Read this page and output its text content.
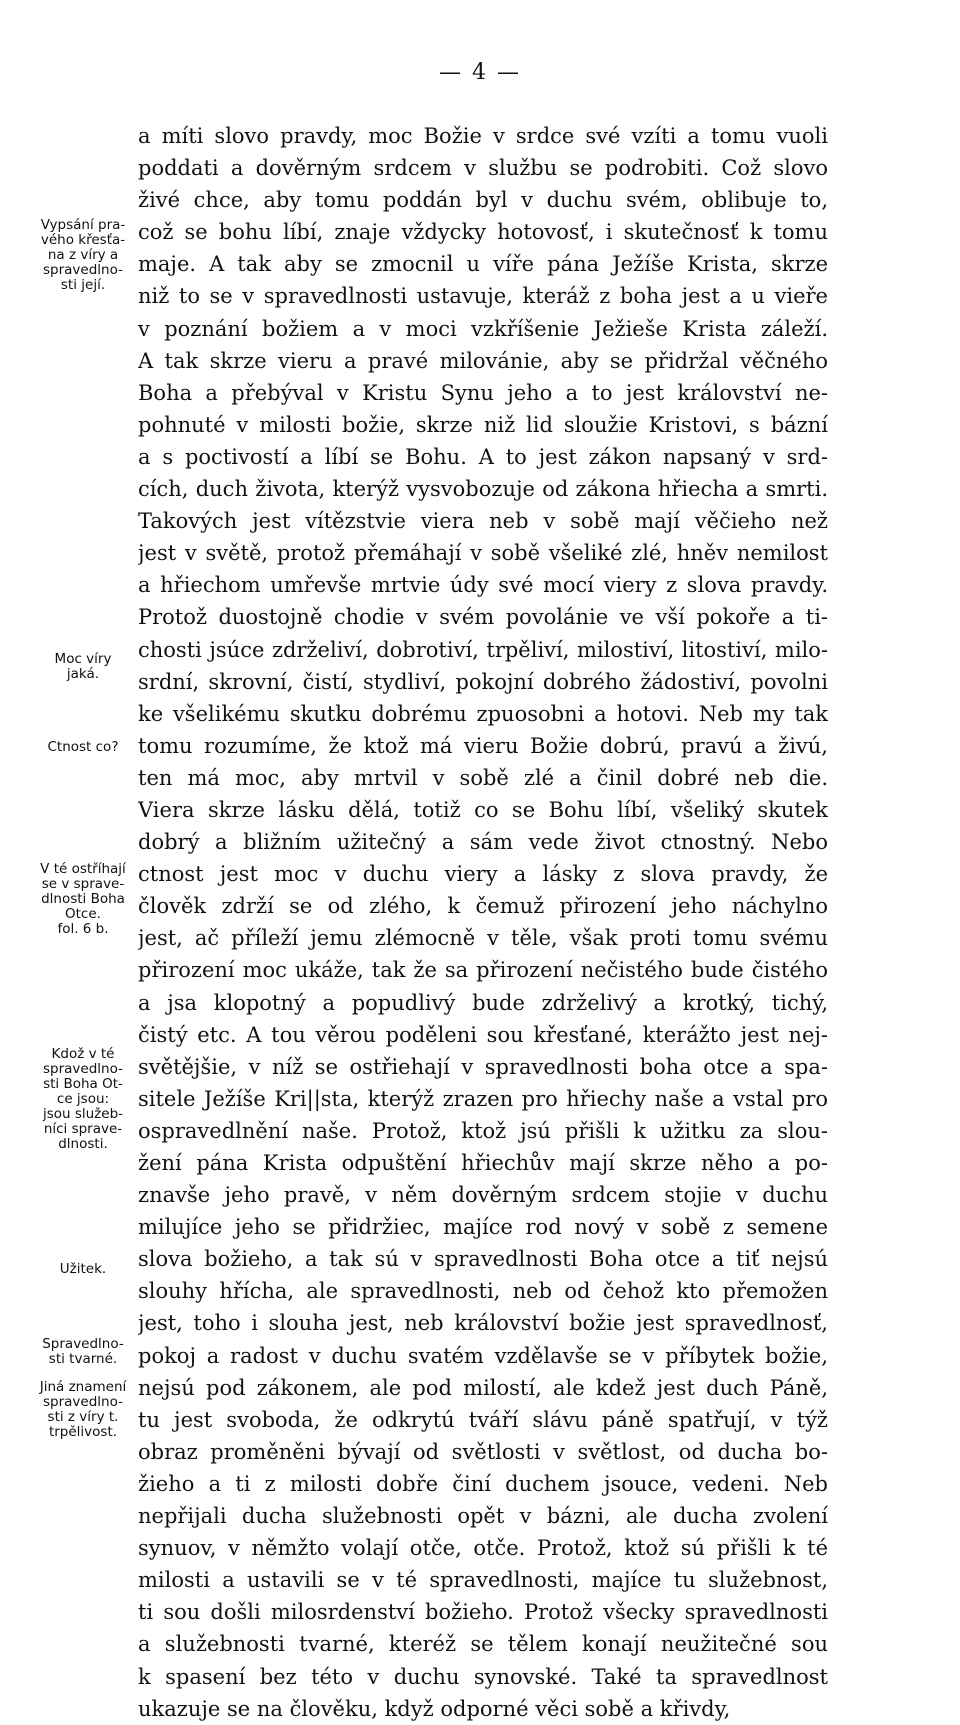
— 4 —
a míti slovo pravdy, moc Božie v srdce své vzíti a tomu vuoli
poddati a dověrným srdcem v službu se podrobiti. Což slovo
živé chce, aby tomu poddán byl v duchu svém, oblibuje to,
což se bohu líbí, znaje vždycky hotovosť, i skutečnosť k tomu
maje. A tak aby se zmocnil u víře pána Ježíše Krista, skrze
niž to se v spravedlnosti ustavuje, kteráž z boha jest a u vieře
v poznání božiem a v moci vzkříšenie Ježieše Krista záleží.
A tak skrze vieru a pravé milovánie, aby se přidržal věčného
Boha a přebýval v Kristu Synu jeho a to jest království ne-
pohnuté v milosti božie, skrze niž lid sloužie Kristovi, s bázní
a s poctivostí a líbí se Bohu. A to jest zákon napsaný v srd-
cích, duch života, kterýž vysvobozuje od zákona hřiecha a smrti.
Takových jest vítězstvie viera neb v sobě mají věčieho než
jest v světě, protož přemáhají v sobě všeliké zlé, hněv nemilost
a hřiechom umřevše mrtvie údy své mocí viery z slova pravdy.
Protož duostojně chodie v svém povolánie ve vší pokoře a ti-
chosti jsúce zdrželiví, dobrotiví, trpěliví, milostiví, litostiví, milo-
srdní, skrovní, čistí, stydliví, pokojní dobrého žádostiví, povolni
ke všelikému skutku dobrému zpuosobni a hotovi. Neb my tak
tomu rozumíme, že ktož má vieru Božie dobrú, pravú a živú,
ten má moc, aby mrtvil v sobě zlé a činil dobré neb die.
Viera skrze lásku dělá, totiž co se Bohu líbí, všeliký skutek
dobrý a bližním užitečný a sám vede život ctnostný. Nebo
ctnost jest moc v duchu viery a lásky z slova pravdy, že
člověk zdrží se od zlého, k čemuž přirození jeho náchylno
jest, ač příleží jemu zlémocně v těle, však proti tomu svému
přirození moc ukáže, tak že sa přirození nečistého bude čistého
a jsa klopotný a popudlivý bude zdrželivý a krotký, tichý,
čistý etc. A tou věrou poděleni sou křesťané, kterážto jest nej-
světějšie, v níž se ostřiehají v spravedlnosti boha otce a spa-
sitele Ježíše Kri||sta, kterýž zrazen pro hřiechy naše a vstal pro
ospravedlnění naše. Protož, ktož jsú přišli k užitku za slou-
žení pána Krista odpuštění hřiechův mají skrze něho a po-
znavše jeho pravě, v něm dověrným srdcem stojie v duchu
milujíce jeho se přidržiec, majíce rod nový v sobě z semene
slova božieho, a tak sú v spravedlnosti Boha otce a tiť nejsú
slouhy hřícha, ale spravedlnosti, neb od čehož kto přemožen
jest, toho i slouha jest, neb království božie jest spravedlnosť,
pokoj a radost v duchu svatém vzdělavše se v příbytek božie,
nejsú pod zákonem, ale pod milostí, ale kdež jest duch Páně,
tu jest svoboda, že odkrytú tváří slávu páně spatřují, v týž
obraz proměněni bývají od světlosti v světlost, od ducha bo-
žieho a ti z milosti dobře činí duchem jsouce, vedeni. Neb
nepřijali ducha služebnosti opět v bázni, ale ducha zvolení
synuov, v němžto volají otče, otče. Protož, ktož sú přišli k té
milosti a ustavili se v té spravedlnosti, majíce tu služebnost,
ti sou došli milosrdenství božieho. Protož všecky spravedlnosti
a služebnosti tvarné, kteréž se tělem konají neužitečné sou
k spasení bez této v duchu synovské. Také ta spravedlnost
ukazuje se na člověku, když odporné věci sobě a křivdy,
Vypsání pra-
vého křesťa-
na z víry a
spravedlno-
sti její.
Moc víry
jaká.
Ctnost co?
V té ostříhají
se v sprave-
dlnosti Boha
Otce.
fol. 6 b.
Kdož v té
spravedlno-
sti Boha Ot-
ce jsou:
jsou služeb-
níci sprave-
dlnosti.
Užitek.
Spravedlno-
sti tvarné.
Jiná znamení
spravedlno-
sti z víry t.
trpělivost.
